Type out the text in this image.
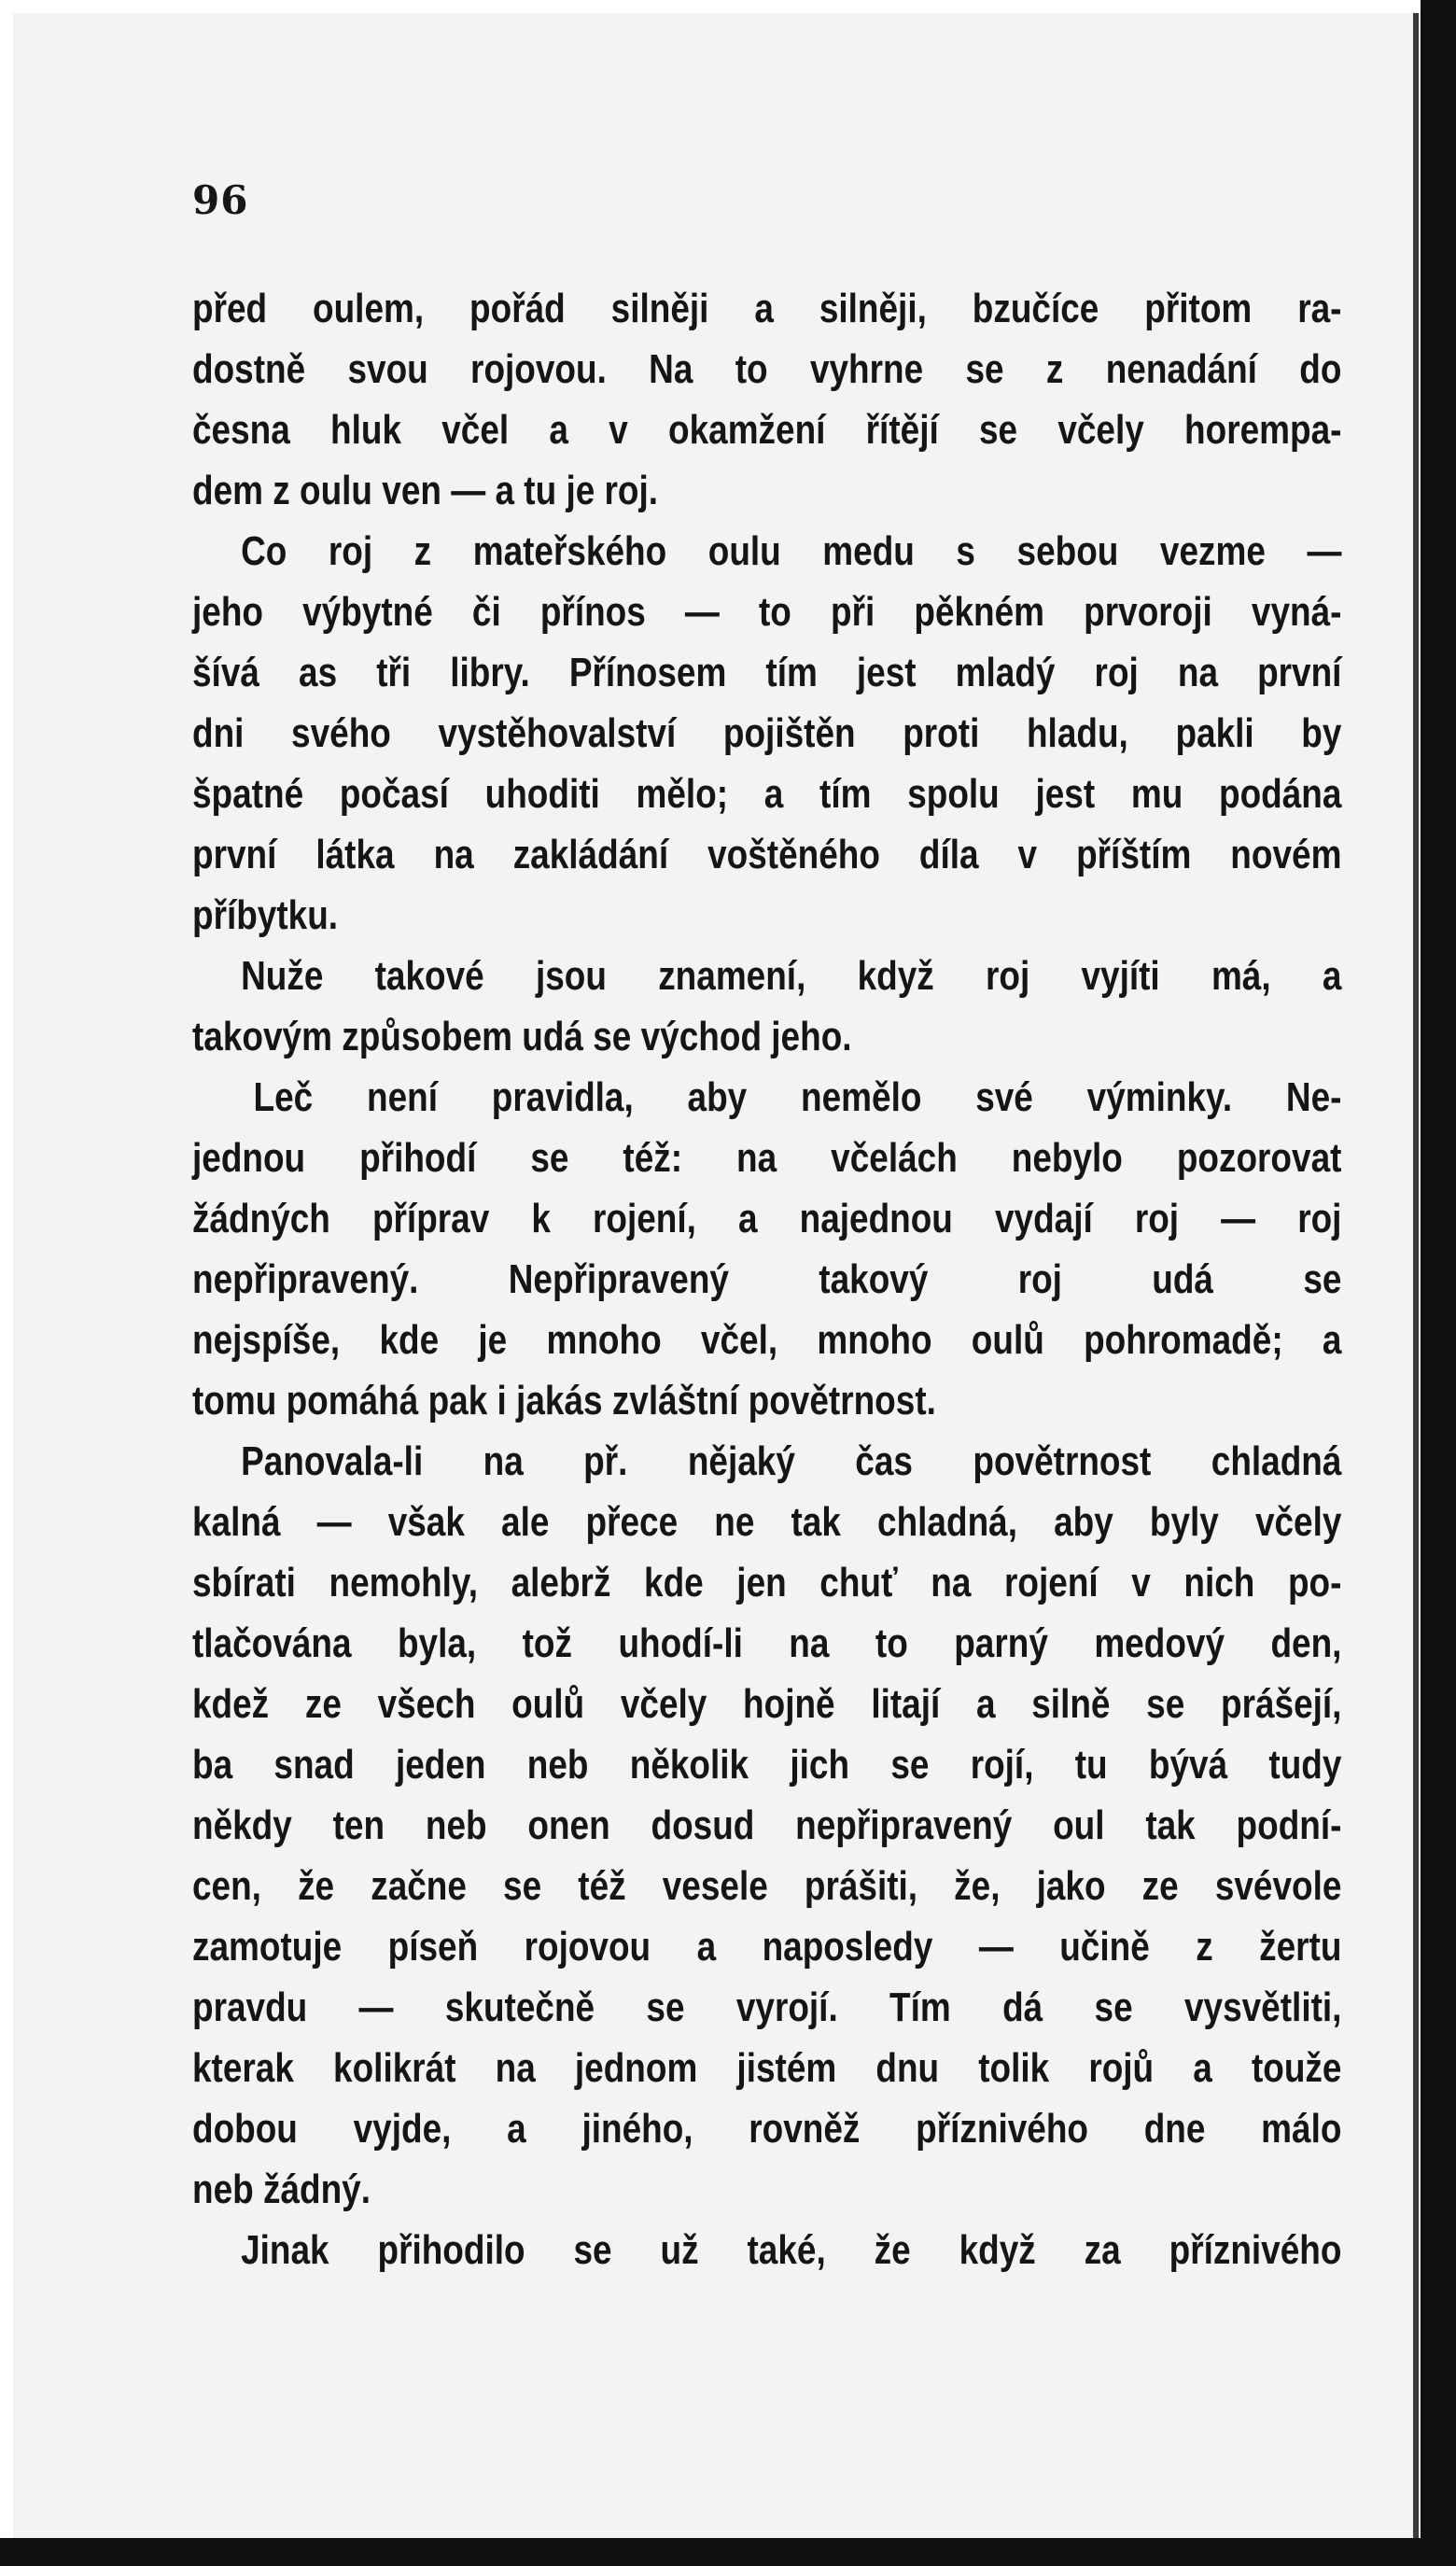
96
před oulem, pořád silněji a silněji, bzučíce přitom ra-
dostně svou rojovou. Na to vyhrne se z nenadání do
česna hluk včel a v okamžení řítějí se včely horempa-
dem z oulu ven — a tu je roj.
Co roj z mateřského oulu medu s sebou vezme —
jeho výbytné či přínos — to při pěkném prvoroji vyná-
šívá as tři libry. Přínosem tím jest mladý roj na první
dni svého vystěhovalství pojištěn proti hladu, pakli by
špatné počasí uhoditi mělo; a tím spolu jest mu podána
první látka na zakládání voštěného díla v příštím novém
příbytku.
Nuže takové jsou znamení, když roj vyjíti má, a
takovým způsobem udá se východ jeho.
Leč není pravidla, aby nemělo své výminky. Ne-
jednou přihodí se též: na včelách nebylo pozorovat
žádných příprav k rojení, a najednou vydají roj — roj
nepřipravený. Nepřipravený takový roj udá se
nejspíše, kde je mnoho včel, mnoho oulů pohromadě; a
tomu pomáhá pak i jakás zvláštní povětrnost.
Panovala-li na př. nějaký čas povětrnost chladná
kalná — však ale přece ne tak chladná, aby byly včely
sbírati nemohly, alebrž kde jen chuť na rojení v nich po-
tlačována byla, tož uhodí-li na to parný medový den,
kdež ze všech oulů včely hojně litají a silně se prášejí,
ba snad jeden neb několik jich se rojí, tu bývá tudy
někdy ten neb onen dosud nepřipravený oul tak podní-
cen, že začne se též vesele prášiti, že, jako ze svévole
zamotuje píseň rojovou a naposledy — učině z žertu
pravdu — skutečně se vyrojí. Tím dá se vysvětliti,
kterak kolikrát na jednom jistém dnu tolik rojů a touže
dobou vyjde, a jiného, rovněž příznivého dne málo
neb žádný.
Jinak přihodilo se už také, že když za příznivého
